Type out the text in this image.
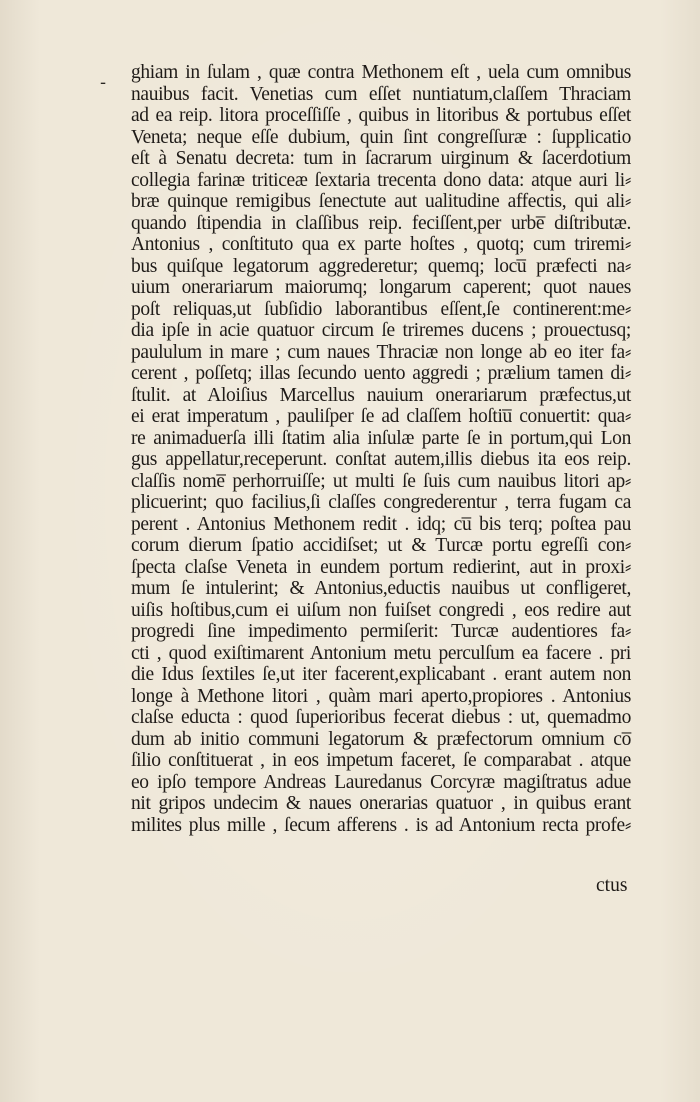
- ghiam in ſulam , quæ contra Methonem eſt , uela cum omnibus
nauibus facit. Venetias cum eſſet nuntiatum,claſſem Thraciam
ad ea reip. litora proceſſiſſe , quibus in litoribus & portubus eſſet
Veneta; neque eſſe dubium, quin ſint congreſſuræ : ſupplicatio
eſt à Senatu decreta: tum in ſacrarum uirginum & ſacerdotium
collegia farinæ triticeæ ſextaria trecenta dono data: atque auri li⸗
bræ quinque remigibus ſenectute aut ualitudine affectis, qui ali⸗
quando ſtipendia in claſſibus reip. feciſſent,per urbe̅ diſtributæ.
Antonius , conſtituto qua ex parte hoſtes , quotq; cum triremi⸗
bus quiſque legatorum aggrederetur; quemq; locu̅ præfecti na⸗
uium onerariarum maiorumq; longarum caperent; quot naues
poſt reliquas,ut ſubſidio laborantibus eſſent,ſe continerent:me⸗
dia ipſe in acie quatuor circum ſe triremes ducens ; prouectusq;
paululum in mare ; cum naues Thraciæ non longe ab eo iter fa⸗
cerent , poſſetq; illas ſecundo uento aggredi ; prælium tamen di⸗
ſtulit. at Aloiſius Marcellus nauium onerariarum præfectus,ut
ei erat imperatum , pauliſper ſe ad claſſem hoſtiu̅ conuertit: qua⸗
re animaduerſa illi ſtatim alia inſulæ parte ſe in portum,qui Lon
gus appellatur,receperunt. conſtat autem,illis diebus ita eos reip.
claſſis nome̅ perhorruiſſe; ut multi ſe ſuis cum nauibus litori ap⸗
plicuerint; quo facilius,ſi claſſes congrederentur , terra fugam ca
perent . Antonius Methonem redit . idq; cu̅ bis terq; poſtea pau
corum dierum ſpatio accidiſset; ut & Turcæ portu egreſſi con⸗
ſpecta claſse Veneta in eundem portum redierint, aut in proxi⸗
mum ſe intulerint; & Antonius,eductis nauibus ut confligeret,
uiſis hoſtibus,cum ei uiſum non fuiſset congredi , eos redire aut
progredi ſine impedimento permiſerit: Turcæ audentiores fa⸗
cti , quod exiſtimarent Antonium metu perculſum ea facere . pri
die Idus ſextiles ſe,ut iter facerent,explicabant . erant autem non
longe à Methone litori , quàm mari aperto,propiores . Antonius
claſse educta : quod ſuperioribus fecerat diebus : ut, quemadmo
dum ab initio communi legatorum & præfectorum omnium co̅
ſilio conſtituerat , in eos impetum faceret, ſe comparabat . atque
eo ipſo tempore Andreas Lauredanus Corcyræ magiſtratus adue
nit gripos undecim & naues onerarias quatuor , in quibus erant
milites plus mille , ſecum afferens . is ad Antonium recta profe⸗
ctus
